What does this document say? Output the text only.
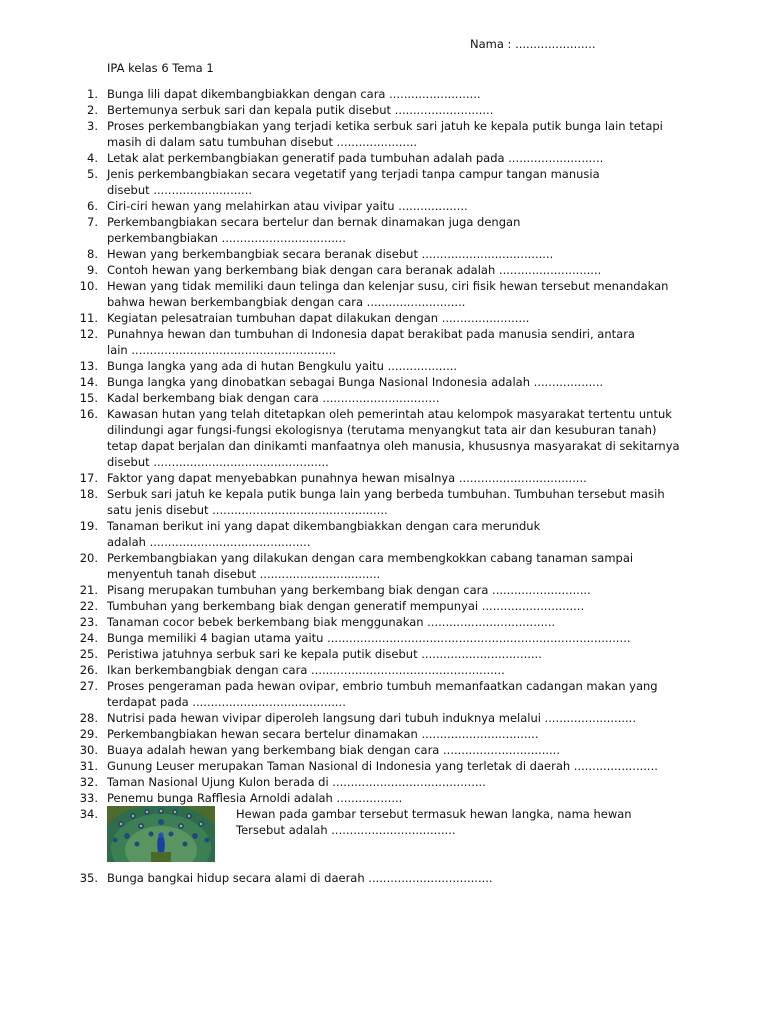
Nama : ......................
IPA kelas 6 Tema 1
1. Bunga lili dapat dikembangbiakkan dengan cara .........................
2. Bertemunya serbuk sari dan kepala putik disebut ...........................
3. Proses perkembangbiakan yang terjadi ketika serbuk sari jatuh ke kepala putik bunga lain tetapi
masih di dalam satu tumbuhan disebut ......................
4. Letak alat perkembangbiakan generatif pada tumbuhan adalah pada ..........................
5. Jenis perkembangbiakan secara vegetatif yang terjadi tanpa campur tangan manusia
disebut ...........................
6. Ciri-ciri hewan yang melahirkan atau vivipar yaitu ...................
7. Perkembangbiakan secara bertelur dan bernak dinamakan juga dengan
perkembangbiakan ..................................
8. Hewan yang berkembangbiak secara beranak disebut ....................................
9. Contoh hewan yang berkembang biak dengan cara beranak adalah ............................
10. Hewan yang tidak memiliki daun telinga dan kelenjar susu, ciri fisik hewan tersebut menandakan
bahwa hewan berkembangbiak dengan cara ...........................
11. Kegiatan pelesatraian tumbuhan dapat dilakukan dengan ........................
12. Punahnya hewan dan tumbuhan di Indonesia dapat berakibat pada manusia sendiri, antara
lain ........................................................
13. Bunga langka yang ada di hutan Bengkulu yaitu ...................
14. Bunga langka yang dinobatkan sebagai Bunga Nasional Indonesia adalah ...................
15. Kadal berkembang biak dengan cara ................................
16. Kawasan hutan yang telah ditetapkan oleh pemerintah atau kelompok masyarakat tertentu untuk
dilindungi agar fungsi-fungsi ekologisnya (terutama menyangkut tata air dan kesuburan tanah)
tetap dapat berjalan dan dinikamti manfaatnya oleh manusia, khususnya masyarakat di sekitarnya
disebut ................................................
17. Faktor yang dapat menyebabkan punahnya hewan misalnya ...................................
18. Serbuk sari jatuh ke kepala putik bunga lain yang berbeda tumbuhan. Tumbuhan tersebut masih
satu jenis disebut ................................................
19. Tanaman berikut ini yang dapat dikembangbiakkan dengan cara merunduk
adalah ............................................
20. Perkembangbiakan yang dilakukan dengan cara membengkokkan cabang tanaman sampai
menyentuh tanah disebut .................................
21. Pisang merupakan tumbuhan yang berkembang biak dengan cara ...........................
22. Tumbuhan yang berkembang biak dengan generatif mempunyai ............................
23. Tanaman cocor bebek berkembang biak menggunakan ...................................
24. Bunga memiliki 4 bagian utama yaitu ...................................................................................
25. Peristiwa jatuhnya serbuk sari ke kepala putik disebut .................................
26. Ikan berkembangbiak dengan cara .....................................................
27. Proses pengeraman pada hewan ovipar, embrio tumbuh memanfaatkan cadangan makan yang
terdapat pada ..........................................
28. Nutrisi pada hewan vivipar diperoleh langsung dari tubuh induknya melalui .........................
29. Perkembangbiakan hewan secara bertelur dinamakan ................................
30. Buaya adalah hewan yang berkembang biak dengan cara ................................
31. Gunung Leuser merupakan Taman Nasional di Indonesia yang terletak di daerah .......................
32. Taman Nasional Ujung Kulon berada di ..........................................
33. Penemu bunga Rafflesia Arnoldi adalah ..................
34.	Hewan pada gambar tersebut termasuk hewan langka, nama hewan
Tersebut adalah ..................................
35. Bunga bangkai hidup secara alami di daerah ..................................
